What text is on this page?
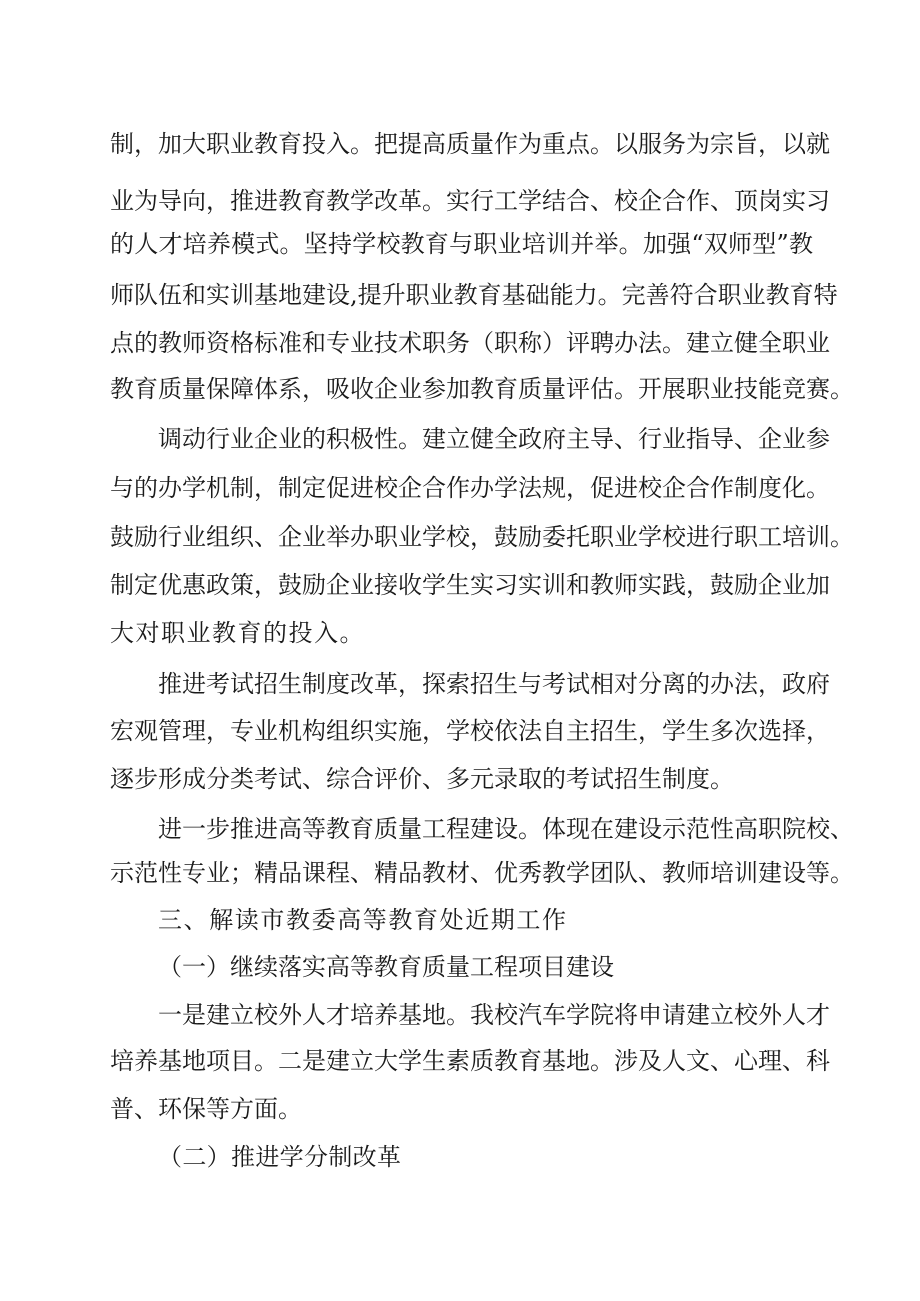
制，加大职业教育投入。把提高质量作为重点。以服务为宗旨，以就

业为导向，推进教育教学改革。实行工学结合、校企合作、顶岗实习

的人才培养模式。坚持学校教育与职业培训并举。加强“双师型”教

师队伍和实训基地建设,提升职业教育基础能力。完善符合职业教育特

点的教师资格标准和专业技术职务（职称）评聘办法。建立健全职业

教育质量保障体系，吸收企业参加教育质量评估。开展职业技能竞赛。

调动行业企业的积极性。建立健全政府主导、行业指导、企业参

与的办学机制，制定促进校企合作办学法规，促进校企合作制度化。

鼓励行业组织、企业举办职业学校，鼓励委托职业学校进行职工培训。

制定优惠政策，鼓励企业接收学生实习实训和教师实践，鼓励企业加

大对职业教育的投入。

推进考试招生制度改革，探索招生与考试相对分离的办法，政府

宏观管理，专业机构组织实施，学校依法自主招生，学生多次选择，

逐步形成分类考试、综合评价、多元录取的考试招生制度。

进一步推进高等教育质量工程建设。体现在建设示范性高职院校、

示范性专业；精品课程、精品教材、优秀教学团队、教师培训建设等。

三、解读市教委高等教育处近期工作

（一）继续落实高等教育质量工程项目建设

一是建立校外人才培养基地。我校汽车学院将申请建立校外人才

培养基地项目。二是建立大学生素质教育基地。涉及人文、心理、科

普、环保等方面。

（二）推进学分制改革
